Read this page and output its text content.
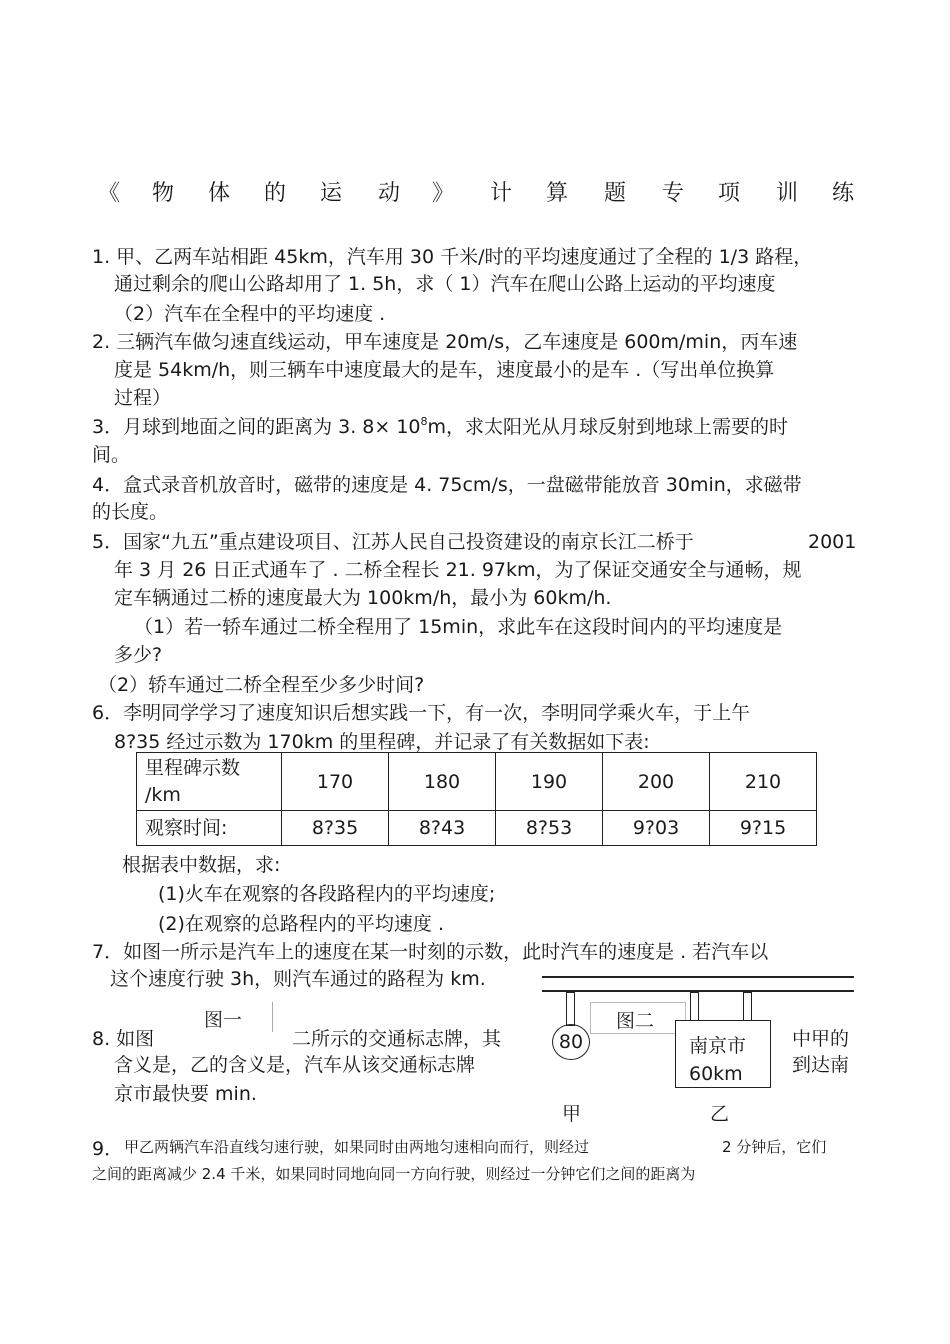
《 物 体 的 运 动 》 计 算 题 专 项 训 练
1. 甲、乙两车站相距 45km，汽车用 30 千米/时的平均速度通过了全程的 1/3 路程，
通过剩余的爬山公路却用了 1. 5h，求（ 1）汽车在爬山公路上运动的平均速度
（2）汽车在全程中的平均速度 .
2. 三辆汽车做匀速直线运动，甲车速度是 20m/s，乙车速度是 600m/min，丙车速
度是 54km/h，则三辆车中速度最大的是车，速度最小的是车 .（写出单位换算
过程）
3．月球到地面之间的距离为 3. $8\times 10^8m$，求太阳光从月球反射到地球上需要的时
间。
4．盒式录音机放音时，磁带的速度是 4. 75cm/s，一盘磁带能放音 30min，求磁带
的长度。
5．国家“九五”重点建设项目、江苏人民自己投资建设的南京长江二桥于	2001
年 3 月 26 日正式通车了 . 二桥全程长 21. 97km，为了保证交通安全与通畅，规
定车辆通过二桥的速度最大为 100km/h，最小为 60km/h.
（1）若一轿车通过二桥全程用了 15min，求此车在这段时间内的平均速度是
多少?
（2）轿车通过二桥全程至少多少时间?
6．李明同学学习了速度知识后想实践一下，有一次，李明同学乘火车，于上午
8?35 经过示数为 170km 的里程碑，并记录了有关数据如下表:
里程碑示数
/km	170	180	190	200	210
观察时间:	8?35	8?43	8?53	9?03	9?15
根据表中数据，求:
(1)火车在观察的各段路程内的平均速度;
(2)在观察的总路程内的平均速度 .
7．如图一所示是汽车上的速度在某一时刻的示数，此时汽车的速度是 . 若汽车以
这个速度行驶 3h，则汽车通过的路程为 km.
8. 如图
图一
二所示的交通标志牌，其	中甲的
含义是，乙的含义是，汽车从该交通标志牌	到达南
京市最快要 min.
图二
80	南京市
60km
甲	乙
9． 甲乙两辆汽车沿直线匀速行驶，如果同时由两地匀速相向而行，则经过	2 分钟后，它们
之间的距离减少 2.4 千米，如果同时同地向同一方向行驶，则经过一分钟它们之间的距离为
